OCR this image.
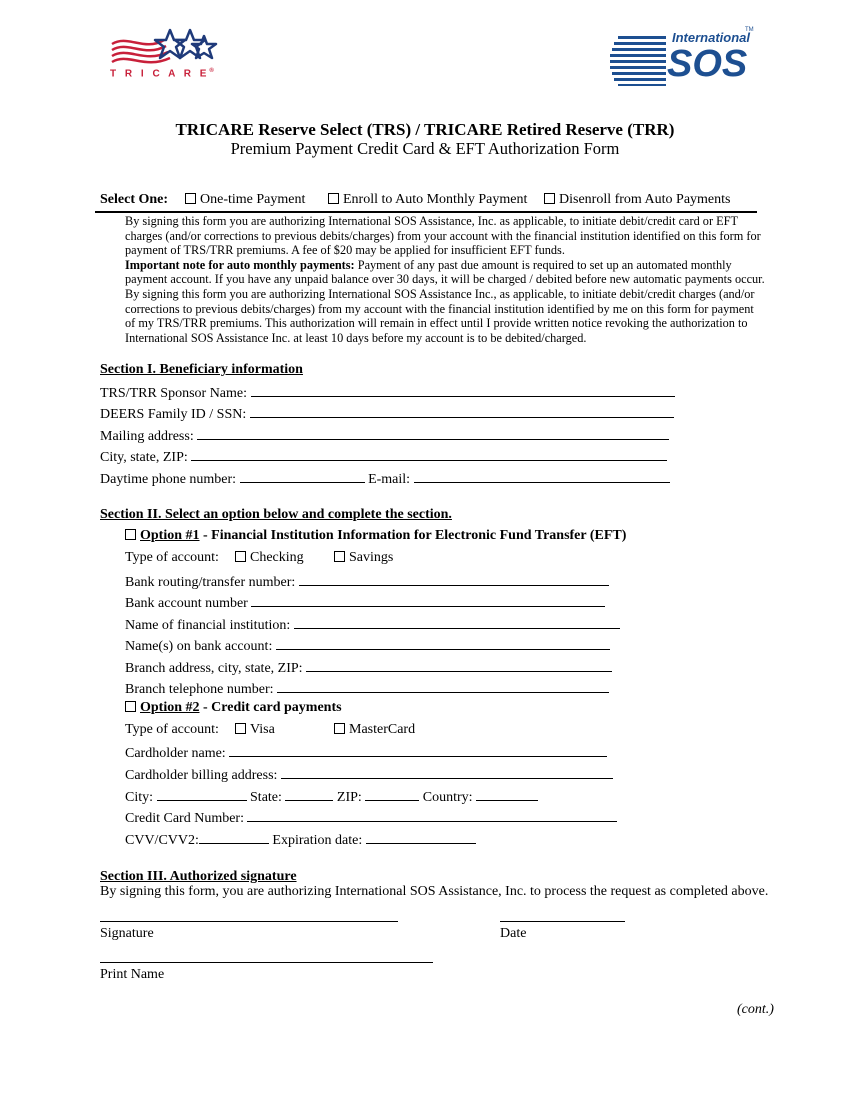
T R I C A R E®
International
TM
SOS
TRICARE Reserve Select (TRS) / TRICARE Retired Reserve (TRR)
Premium Payment Credit Card & EFT Authorization Form
Select One:	One-time Payment	Enroll to Auto Monthly Payment	Disenroll from Auto Payments

By signing this form you are authorizing International SOS Assistance, Inc. as applicable, to initiate debit/credit card or EFT charges (and/or corrections to previous debits/charges) from your account with the financial institution identified on this form for payment of TRS/TRR premiums. A fee of $20 may be applied for insufficient EFT funds.

Important note for auto monthly payments: Payment of any past due amount is required to set up an automated monthly payment account. If you have any unpaid balance over 30 days, it will be charged / debited before new automatic payments occur. By signing this form you are authorizing International SOS Assistance Inc., as applicable, to initiate debit/credit charges (and/or corrections to previous debits/charges) from my account with the financial institution identified by me on this form for payment of my TRS/TRR premiums. This authorization will remain in effect until I provide written notice revoking the authorization to International SOS Assistance Inc. at least 10 days before my account is to be debited/charged.

Section I. Beneficiary information
TRS/TRR Sponsor Name:
DEERS Family ID / SSN:
Mailing address:
City, state, ZIP:
Daytime phone number:	E-mail:
Section II. Select an option below and complete the section.
Option #1 - Financial Institution Information for Electronic Fund Transfer (EFT)
Type of account:	Checking	Savings
Bank routing/transfer number:
Bank account number
Name of financial institution:
Name(s) on bank account:
Branch address, city, state, ZIP:
Branch telephone number:
Option #2 - Credit card payments
Type of account:	Visa	MasterCard
Cardholder name:
Cardholder billing address:
City:	State:	ZIP:	Country:
Credit Card Number:
CVV/CVV2:	Expiration date:
Section III. Authorized signature
By signing this form, you are authorizing International SOS Assistance, Inc. to process the request as completed above.
Signature	Date
Print Name
(cont.)
